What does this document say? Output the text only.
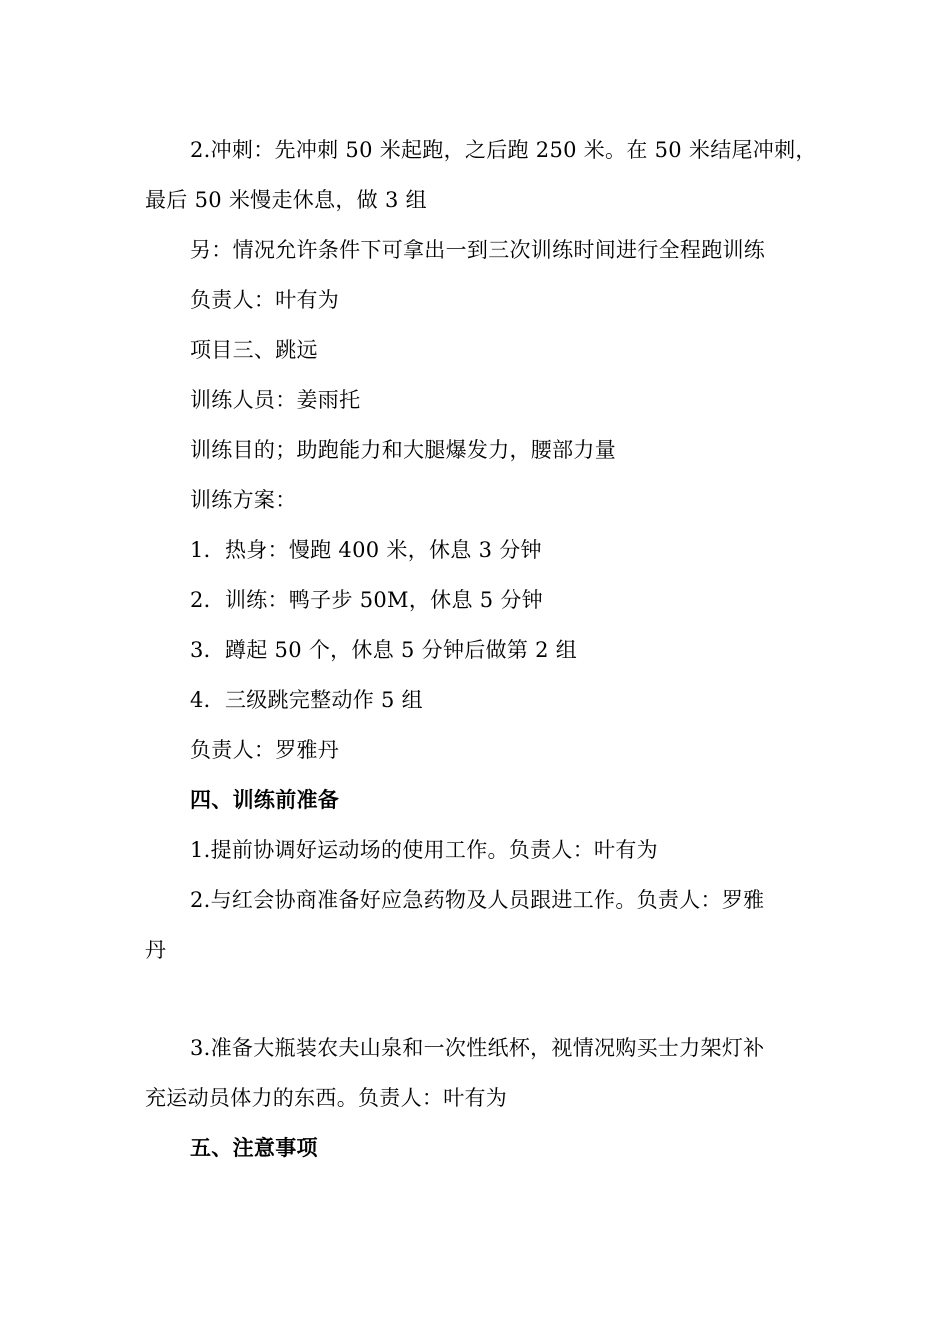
2.冲刺：先冲刺 50 米起跑，之后跑 250 米。在 50 米结尾冲刺，
最后 50 米慢走休息，做 3 组
另：情况允许条件下可拿出一到三次训练时间进行全程跑训练
负责人：叶有为
项目三、跳远
训练人员：姜雨托
训练目的；助跑能力和大腿爆发力，腰部力量
训练方案：
1．热身：慢跑 400 米，休息 3 分钟
2．训练：鸭子步 50M，休息 5 分钟
3．蹲起 50 个，休息 5 分钟后做第 2 组
4．三级跳完整动作 5 组
负责人：罗雅丹
四、训练前准备
1.提前协调好运动场的使用工作。负责人：叶有为
2.与红会协商准备好应急药物及人员跟进工作。负责人：罗雅
丹
3.准备大瓶装农夫山泉和一次性纸杯，视情况购买士力架灯补
充运动员体力的东西。负责人：叶有为
五、注意事项
